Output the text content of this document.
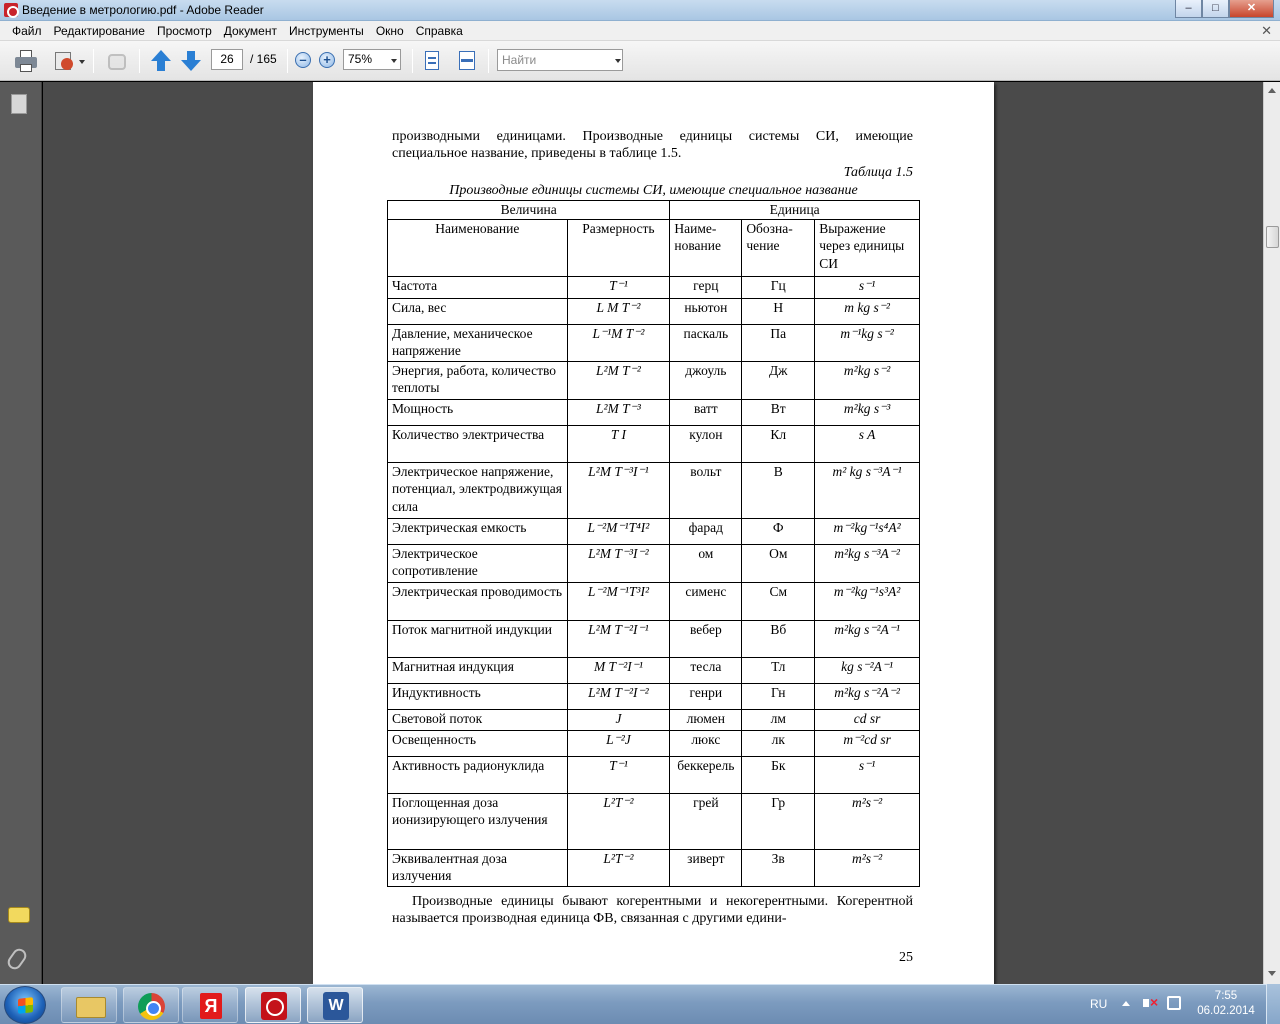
Введение в метрологию.pdf - Adobe Reader	–	□	✕
Файл	Редактирование	Просмотр	Документ	Инструменты	Окно	Справка	✕
26	/ 165	–	+	75%	Найти
производными единицами. Производные единицы системы СИ, имеющие специальное название, приведены в таблице 1.5.
Таблица 1.5
Производные единицы системы СИ, имеющие специальное название
Величина		Единица		
Наименование	Размерность	Наиме-нование	Обозна-чение	Выражение через единицы СИ
Частота	T⁻¹	герц	Гц	s⁻¹
Сила, вес	L M T⁻²	ньютон	Н	m kg s⁻²
Давление, механическое напряжение	L⁻¹M T⁻²	паскаль	Па	m⁻¹kg s⁻²
Энергия, работа, количество теплоты	L²M T⁻²	джоуль	Дж	m²kg s⁻²
Мощность	L²M T⁻³	ватт	Вт	m²kg s⁻³
Количество электричества	T I	кулон	Кл	s A
Электрическое напряжение, потенциал, электродвижущая сила	L²M T⁻³I⁻¹	вольт	В	m² kg s⁻³A⁻¹
Электрическая емкость	L⁻²M⁻¹T⁴I²	фарад	Ф	m⁻²kg⁻¹s⁴A²
Электрическое сопротивление	L²M T⁻³I⁻²	ом	Ом	m²kg s⁻³A⁻²
Электрическая проводимость	L⁻²M⁻¹T³I²	сименс	См	m⁻²kg⁻¹s³A²
Поток магнитной индукции	L²M T⁻²I⁻¹	вебер	Вб	m²kg s⁻²A⁻¹
Магнитная индукция	M T⁻²I⁻¹	тесла	Тл	kg s⁻²A⁻¹
Индуктивность	L²M T⁻²I⁻²	генри	Гн	m²kg s⁻²A⁻²
Световой поток	J	люмен	лм	cd sr
Освещенность	L⁻²J	люкс	лк	m⁻²cd sr
Активность радионуклида	T⁻¹	беккерель	Бк	s⁻¹
Поглощенная доза ионизирующего излучения	L²T⁻²	грей	Гр	m²s⁻²
Эквивалентная доза излучения	L²T⁻²	зиверт	Зв	m²s⁻²
Производные единицы бывают когерентными и некогерентными. Когерентной называется производная единица ФВ, связанная с другими едини-
25
Я	W	RU
×
7:55
06.02.2014
